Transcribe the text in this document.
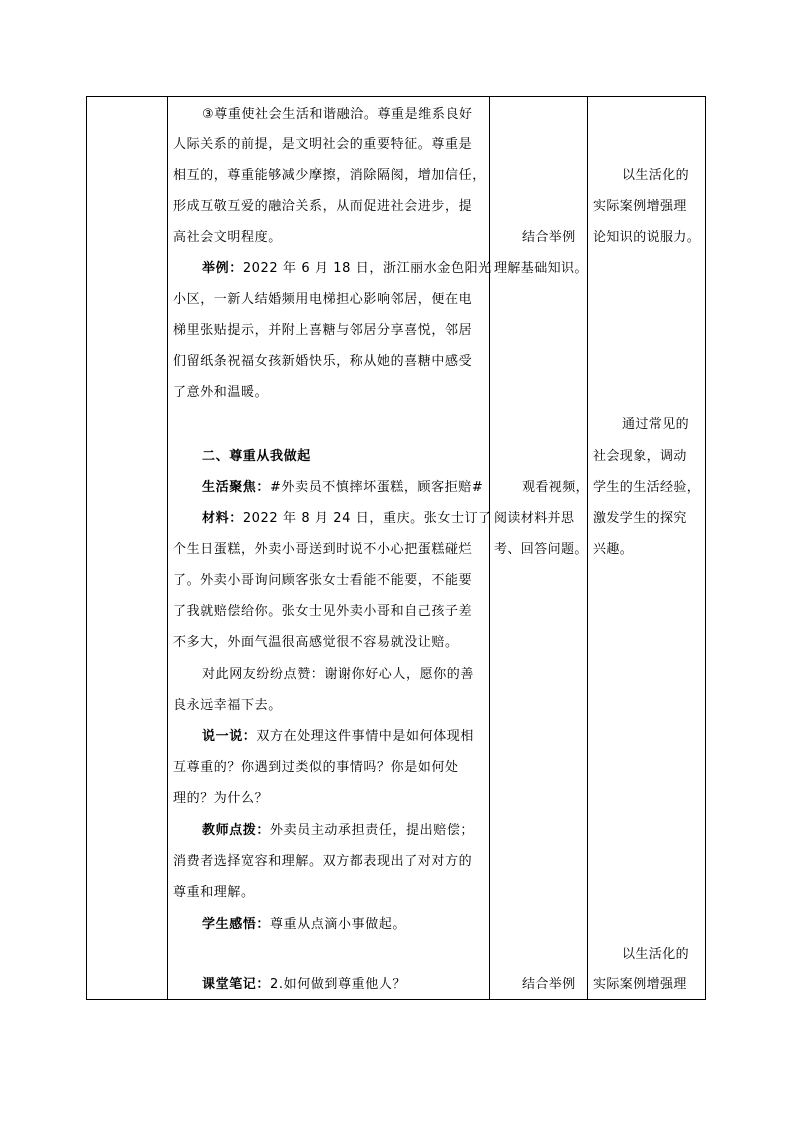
③尊重使社会生活和谐融洽。尊重是维系良好
人际关系的前提，是文明社会的重要特征。尊重是
相互的，尊重能够减少摩擦，消除隔阂，增加信任，
形成互敬互爱的融洽关系，从而促进社会进步，提
高社会文明程度。
举例：2022 年 6 月 18 日，浙江丽水金色阳光
小区，一新人结婚频用电梯担心影响邻居，便在电
梯里张贴提示，并附上喜糖与邻居分享喜悦，邻居
们留纸条祝福女孩新婚快乐，称从她的喜糖中感受
了意外和温暖。
二、尊重从我做起
生活聚焦：#外卖员不慎摔坏蛋糕，顾客拒赔#
材料：2022 年 8 月 24 日，重庆。张女士订了
个生日蛋糕，外卖小哥送到时说不小心把蛋糕碰烂
了。外卖小哥询问顾客张女士看能不能要，不能要
了我就赔偿给你。张女士见外卖小哥和自己孩子差
不多大，外面气温很高感觉很不容易就没让赔。
对此网友纷纷点赞：谢谢你好心人，愿你的善
良永远幸福下去。
说一说：双方在处理这件事情中是如何体现相
互尊重的？你遇到过类似的事情吗？你是如何处
理的？为什么？
教师点拨：外卖员主动承担责任，提出赔偿；
消费者选择宽容和理解。双方都表现出了对对方的
尊重和理解。
学生感悟：尊重从点滴小事做起。
课堂笔记：2.如何做到尊重他人？
结合举例
理解基础知识。
观看视频，
阅读材料并思
考、回答问题。
结合举例
以生活化的
实际案例增强理
论知识的说服力。
通过常见的
社会现象，调动
学生的生活经验，
激发学生的探究
兴趣。
以生活化的
实际案例增强理
